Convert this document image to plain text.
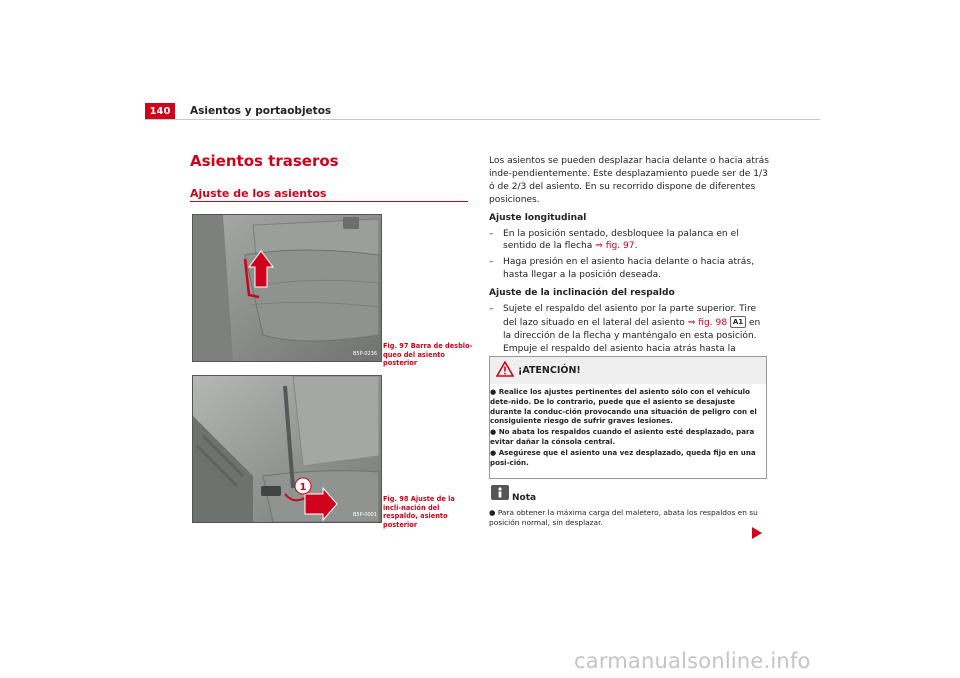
140	Asientos y portaobjetos
Asientos traseros
Ajuste de los asientos
B5P-0236
Fig. 97 Barra de desblo-queo del asiento posterior
1
B5P-0001
Fig. 98 Ajuste de la incli-nación del respaldo, asiento posterior

Los asientos se pueden desplazar hacia delante o hacia atrás inde-pendientemente. Este desplazamiento puede ser de 1/3 ó de 2/3 del asiento. En su recorrido dispone de diferentes posiciones.

Ajuste longitudinal

– En la posición sentado, desbloquee la palanca en el sentido de la flecha ⇒ fig. 97.

– Haga presión en el asiento hacia delante o hacia atrás, hasta llegar a la posición deseada.

Ajuste de la inclinación del respaldo

– Sujete el respaldo del asiento por la parte superior. Tire del lazo situado en el lateral del asiento ⇒ fig. 98 A1 en la dirección de la flecha y manténgalo en esta posición. Empuje el respaldo del asiento hacia atrás hasta la

¡ATENCIÓN!

● Realice los ajustes pertinentes del asiento sólo con el vehículo dete-nido. De lo contrario, puede que el asiento se desajuste durante la conduc-ción provocando una situación de peligro con el consiguiente riesgo de sufrir graves lesiones.

● No abata los respaldos cuando el asiento esté desplazado, para evitar dañar la cónsola central.

● Asegúrese que el asiento una vez desplazado, queda fijo en una posi-ción.

Nota

● Para obtener la máxima carga del maletero, abata los respaldos en su posición normal, sin desplazar.

carmanualsonline.info
